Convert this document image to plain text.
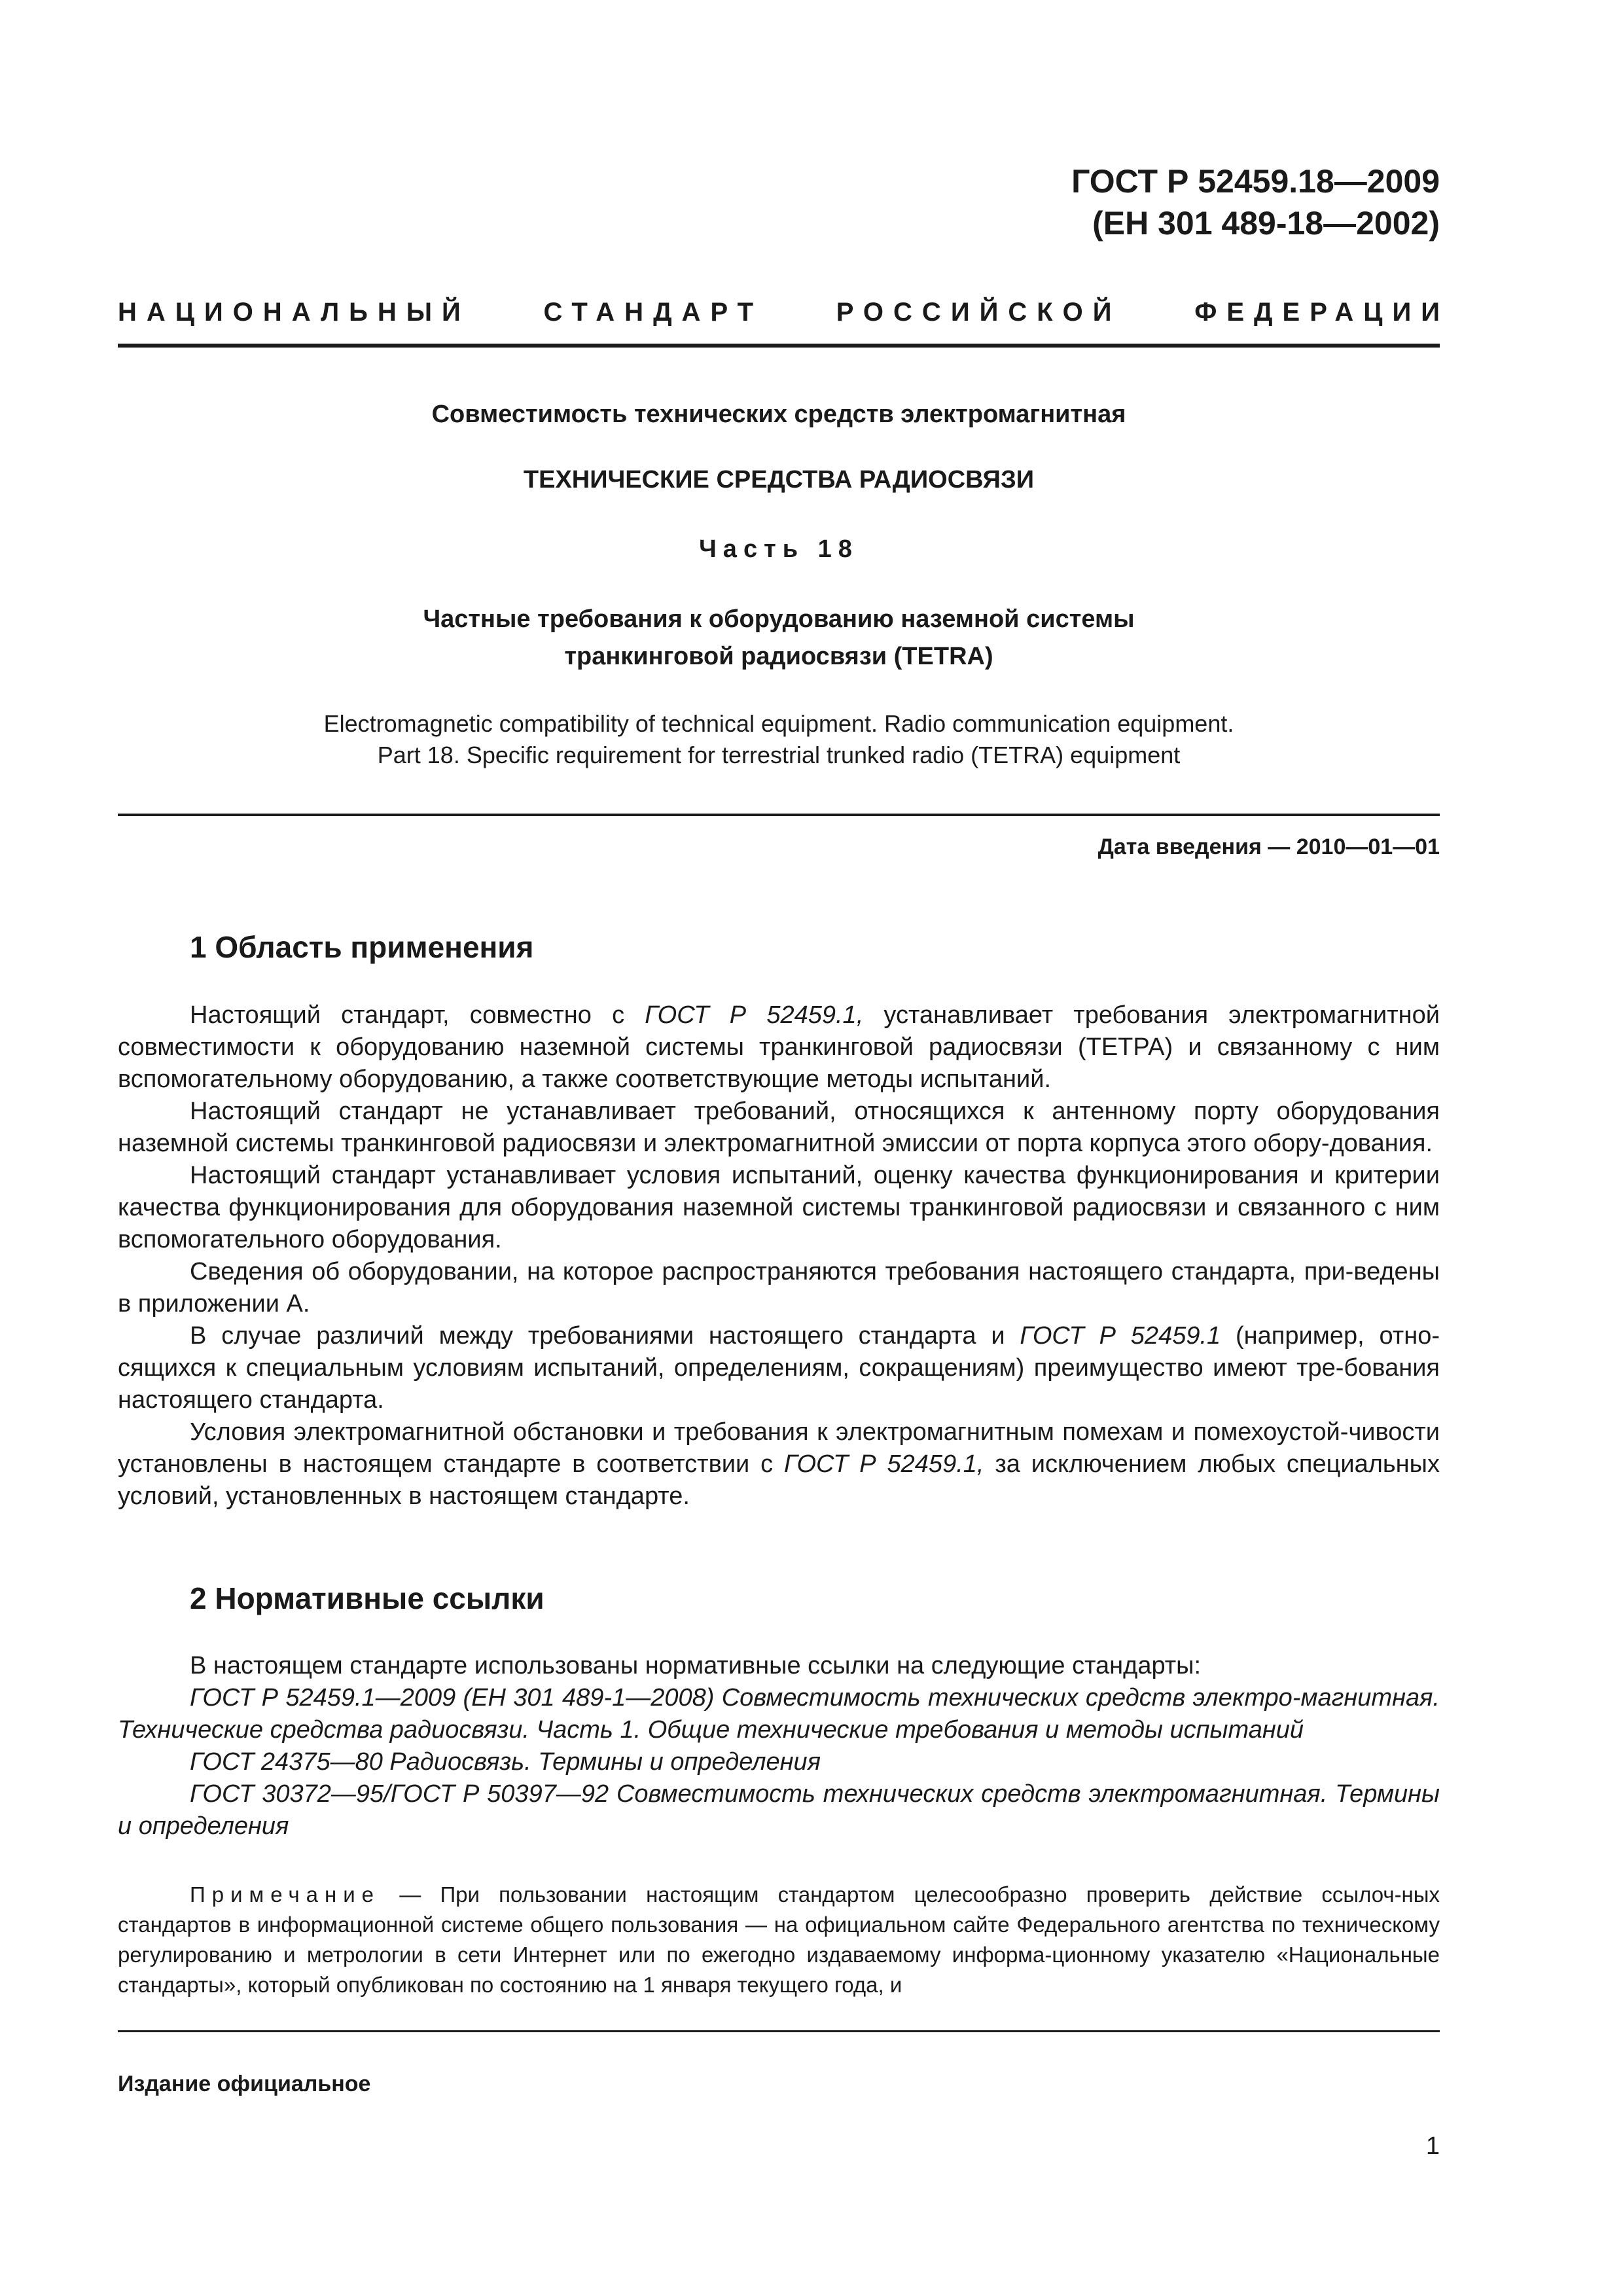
ГОСТ Р 52459.18—2009
(ЕН 301 489-18—2002)
НАЦИОНАЛЬНЫЙ	СТАНДАРТ	РОССИЙСКОЙ	ФЕДЕРАЦИИ
Совместимость технических средств электромагнитная
ТЕХНИЧЕСКИЕ СРЕДСТВА РАДИОСВЯЗИ
Часть 18
Частные требования к оборудованию наземной системы
транкинговой радиосвязи (TETRA)
Electromagnetic compatibility of technical equipment. Radio communication equipment.
Part 18. Specific requirement for terrestrial trunked radio (TETRA) equipment
Дата введения — 2010—01—01
1 Область применения

Настоящий стандарт, совместно с ГОСТ Р 52459.1, устанавливает требования электромагнитной совместимости к оборудованию наземной системы транкинговой радиосвязи (ТЕТРА) и связанному с ним вспомогательному оборудованию, а также соответствующие методы испытаний.

Настоящий стандарт не устанавливает требований, относящихся к антенному порту оборудования наземной системы транкинговой радиосвязи и электромагнитной эмиссии от порта корпуса этого обору-дования.

Настоящий стандарт устанавливает условия испытаний, оценку качества функционирования и критерии качества функционирования для оборудования наземной системы транкинговой радиосвязи и связанного с ним вспомогательного оборудования.

Сведения об оборудовании, на которое распространяются требования настоящего стандарта, при-ведены в приложении А.

В случае различий между требованиями настоящего стандарта и ГОСТ Р 52459.1 (например, отно-сящихся к специальным условиям испытаний, определениям, сокращениям) преимущество имеют тре-бования настоящего стандарта.

Условия электромагнитной обстановки и требования к электромагнитным помехам и помехоустой-чивости установлены в настоящем стандарте в соответствии с ГОСТ Р 52459.1, за исключением любых специальных условий, установленных в настоящем стандарте.

2 Нормативные ссылки

В настоящем стандарте использованы нормативные ссылки на следующие стандарты:

ГОСТ Р 52459.1—2009 (ЕН 301 489-1—2008) Совместимость технических средств электро-магнитная. Технические средства радиосвязи. Часть 1. Общие технические требования и методы испытаний

ГОСТ 24375—80 Радиосвязь. Термины и определения

ГОСТ 30372—95/ГОСТ Р 50397—92 Совместимость технических средств электромагнитная. Термины и определения

Примечание — При пользовании настоящим стандартом целесообразно проверить действие ссылоч-ных стандартов в информационной системе общего пользования — на официальном сайте Федерального агентства по техническому регулированию и метрологии в сети Интернет или по ежегодно издаваемому информа-ционному указателю «Национальные стандарты», который опубликован по состоянию на 1 января текущего года, и

Издание официальное
1
